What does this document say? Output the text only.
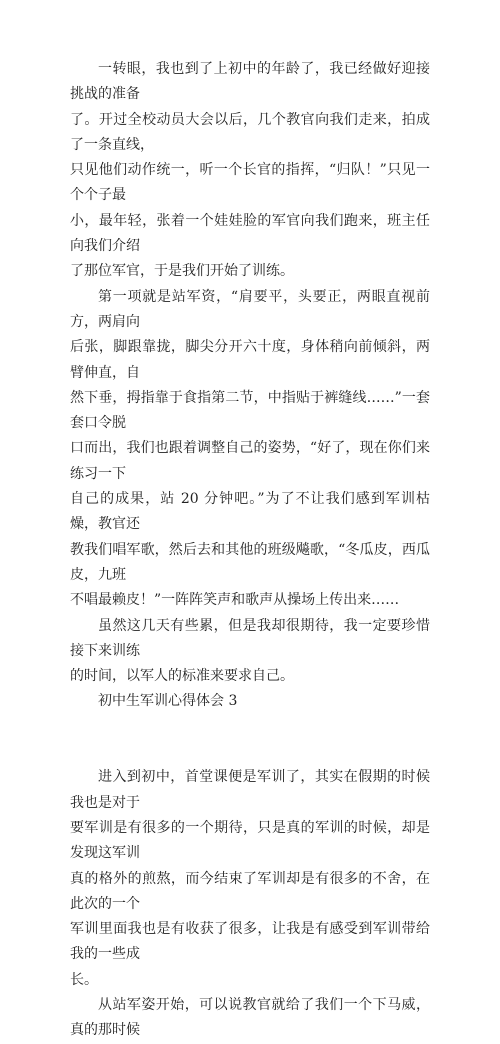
一转眼，我也到了上初中的年龄了，我已经做好迎接挑战的准备

了。开过全校动员大会以后，几个教官向我们走来，拍成了一条直线，

只见他们动作统一，听一个长官的指挥，“归队！”只见一个个子最

小，最年轻，张着一个娃娃脸的军官向我们跑来，班主任向我们介绍

了那位军官，于是我们开始了训练。

第一项就是站军资，“肩要平，头要正，两眼直视前方，两肩向

后张，脚跟靠拢，脚尖分开六十度，身体稍向前倾斜，两臂伸直，自

然下垂，拇指靠于食指第二节，中指贴于裤缝线……”一套套口令脱

口而出，我们也跟着调整自己的姿势，“好了，现在你们来练习一下

自己的成果，站 20 分钟吧。”为了不让我们感到军训枯燥，教官还

教我们唱军歌，然后去和其他的班级飚歌，“冬瓜皮，西瓜皮，九班

不唱最赖皮！”一阵阵笑声和歌声从操场上传出来……

虽然这几天有些累，但是我却很期待，我一定要珍惜接下来训练

的时间，以军人的标准来要求自己。

初中生军训心得体会 3

进入到初中，首堂课便是军训了，其实在假期的时候我也是对于

要军训是有很多的一个期待，只是真的军训的时候，却是发现这军训

真的格外的煎熬，而今结束了军训却是有很多的不舍，在此次的一个

军训里面我也是有收获了很多，让我是有感受到军训带给我的一些成

长。

从站军姿开始，可以说教官就给了我们一个下马威，真的那时候
